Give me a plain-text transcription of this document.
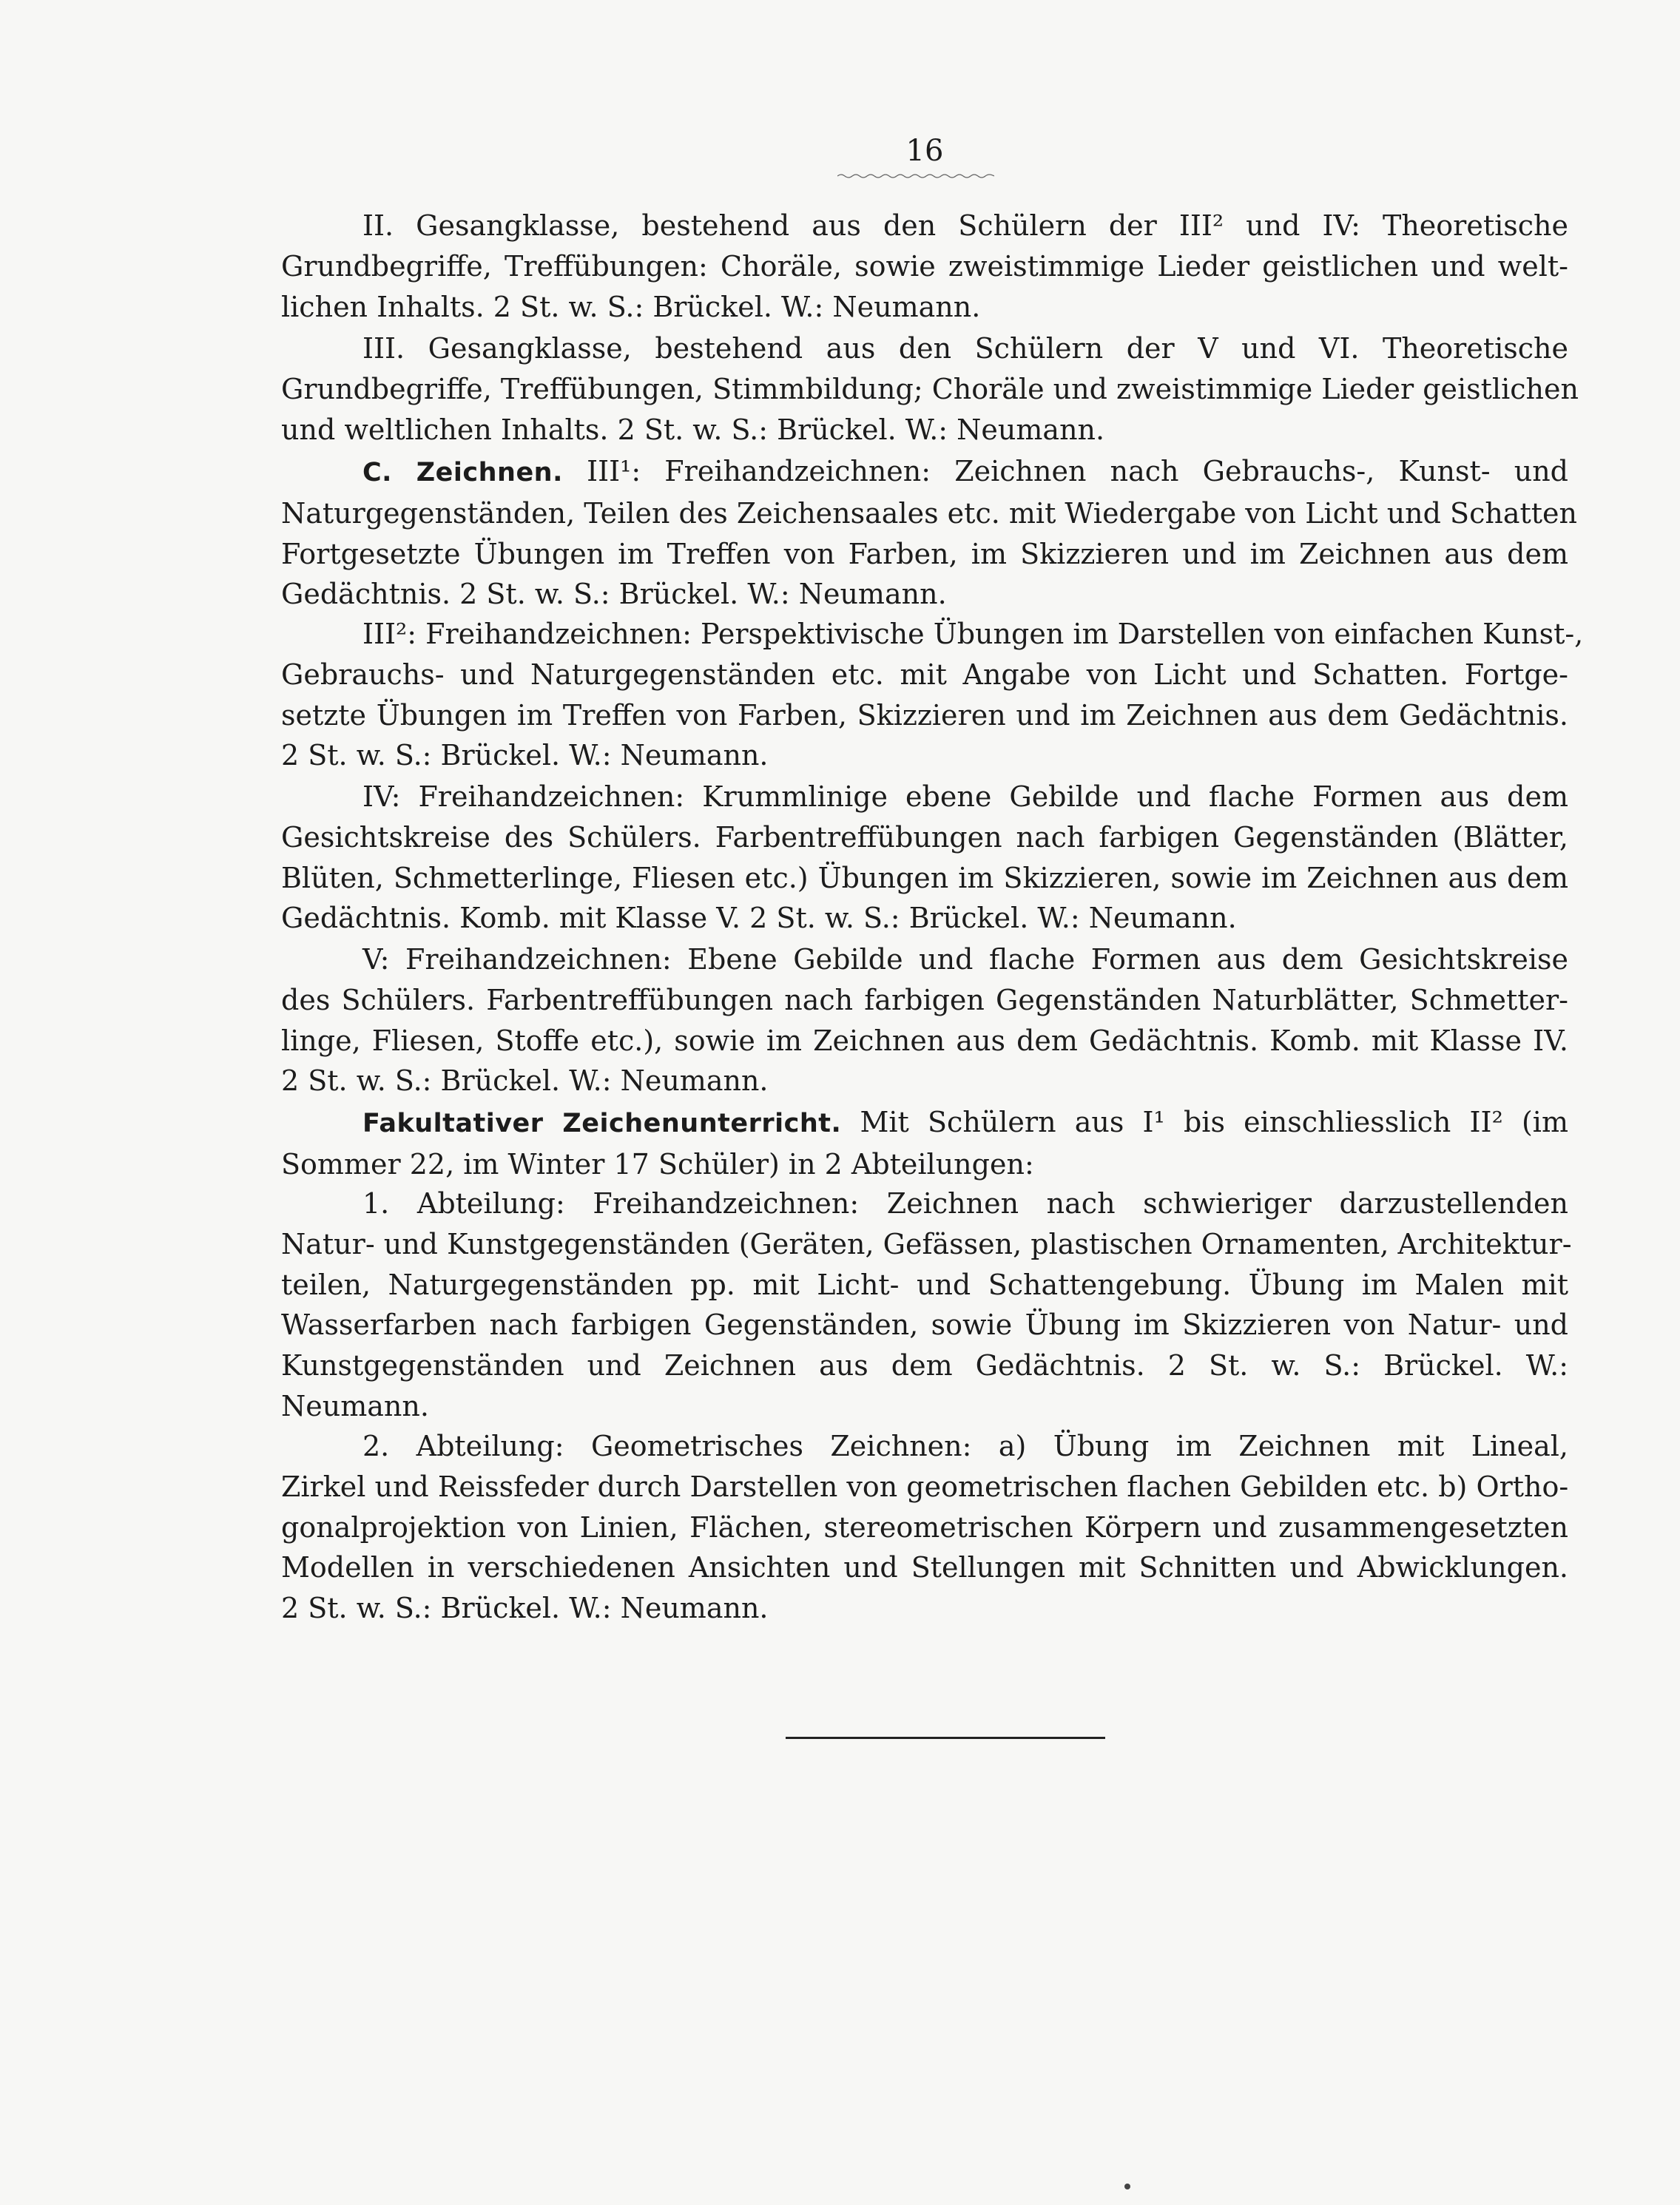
16
II. Gesangklasse, bestehend aus den Schülern der III² und IV: Theoretische
Grundbegriffe, Treffübungen: Choräle, sowie zweistimmige Lieder geistlichen und welt-
lichen Inhalts. 2 St. w. S.: Brückel. W.: Neumann.
III. Gesangklasse, bestehend aus den Schülern der V und VI. Theoretische
Grundbegriffe, Treffübungen, Stimmbildung; Choräle und zweistimmige Lieder geistlichen
und weltlichen Inhalts. 2 St. w. S.: Brückel. W.: Neumann.
C. Zeichnen. III¹: Freihandzeichnen: Zeichnen nach Gebrauchs-, Kunst- und
Naturgegenständen, Teilen des Zeichensaales etc. mit Wiedergabe von Licht und Schatten
Fortgesetzte Übungen im Treffen von Farben, im Skizzieren und im Zeichnen aus dem
Gedächtnis. 2 St. w. S.: Brückel. W.: Neumann.
III²: Freihandzeichnen: Perspektivische Übungen im Darstellen von einfachen Kunst-,
Gebrauchs- und Naturgegenständen etc. mit Angabe von Licht und Schatten. Fortge-
setzte Übungen im Treffen von Farben, Skizzieren und im Zeichnen aus dem Gedächtnis.
2 St. w. S.: Brückel. W.: Neumann.
IV: Freihandzeichnen: Krummlinige ebene Gebilde und flache Formen aus dem
Gesichtskreise des Schülers. Farbentreffübungen nach farbigen Gegenständen (Blätter,
Blüten, Schmetterlinge, Fliesen etc.) Übungen im Skizzieren, sowie im Zeichnen aus dem
Gedächtnis. Komb. mit Klasse V. 2 St. w. S.: Brückel. W.: Neumann.
V: Freihandzeichnen: Ebene Gebilde und flache Formen aus dem Gesichtskreise
des Schülers. Farbentreffübungen nach farbigen Gegenständen Naturblätter, Schmetter-
linge, Fliesen, Stoffe etc.), sowie im Zeichnen aus dem Gedächtnis. Komb. mit Klasse IV.
2 St. w. S.: Brückel. W.: Neumann.
Fakultativer Zeichenunterricht. Mit Schülern aus I¹ bis einschliesslich II² (im
Sommer 22, im Winter 17 Schüler) in 2 Abteilungen:
1. Abteilung: Freihandzeichnen: Zeichnen nach schwieriger darzustellenden
Natur- und Kunstgegenständen (Geräten, Gefässen, plastischen Ornamenten, Architektur-
teilen, Naturgegenständen pp. mit Licht- und Schattengebung. Übung im Malen mit
Wasserfarben nach farbigen Gegenständen, sowie Übung im Skizzieren von Natur- und
Kunstgegenständen und Zeichnen aus dem Gedächtnis. 2 St. w. S.: Brückel. W.:
Neumann.
2. Abteilung: Geometrisches Zeichnen: a) Übung im Zeichnen mit Lineal,
Zirkel und Reissfeder durch Darstellen von geometrischen flachen Gebilden etc. b) Ortho-
gonalprojektion von Linien, Flächen, stereometrischen Körpern und zusammengesetzten
Modellen in verschiedenen Ansichten und Stellungen mit Schnitten und Abwicklungen.
2 St. w. S.: Brückel. W.: Neumann.
